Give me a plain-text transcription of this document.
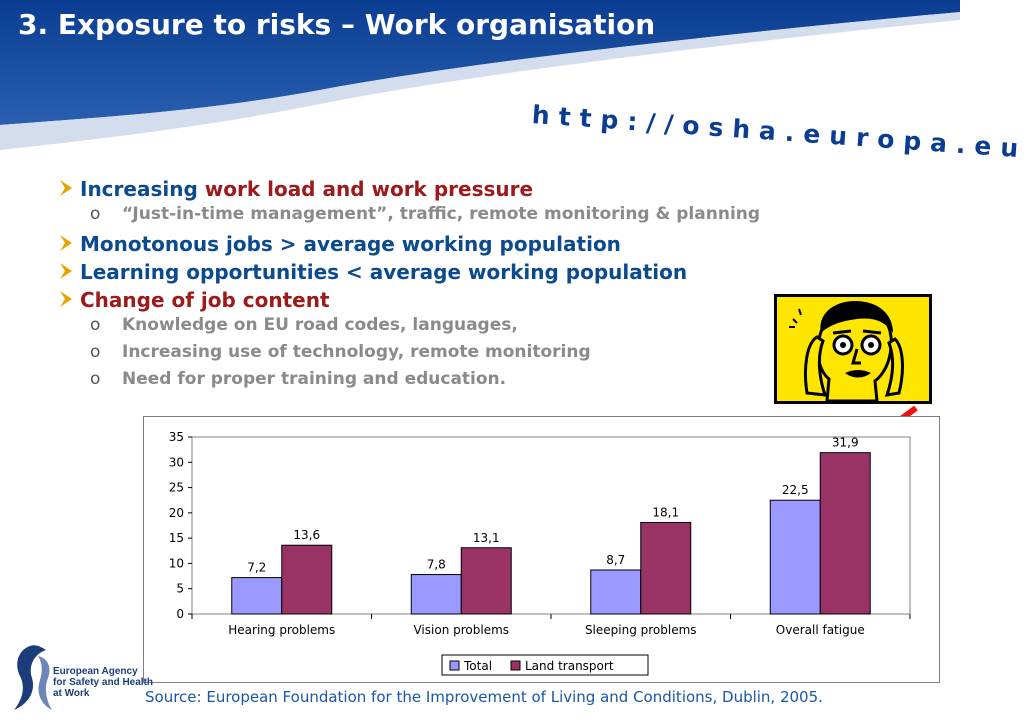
3. Exposure to risks – Work organisation
http://osha.europa.eu
Increasing work load and work pressure
o “Just-in-time management”, traffic, remote monitoring & planning
Monotonous jobs > average working population
Learning opportunities < average working population
Change of job content
o Knowledge on EU road codes, languages,
o Increasing use of technology, remote monitoring
o Need for proper training and education.
0
5
10
15
20
25
30
35
7,2
13,6
7,8
13,1
8,7
18,1
22,5
31,9
Hearing problems	Vision problems	Sleeping problems	Overall fatigue
Total	Land transport
Source: European Foundation for the Improvement of Living and Conditions, Dublin, 2005.
European Agency
for Safety and Health
at Work
